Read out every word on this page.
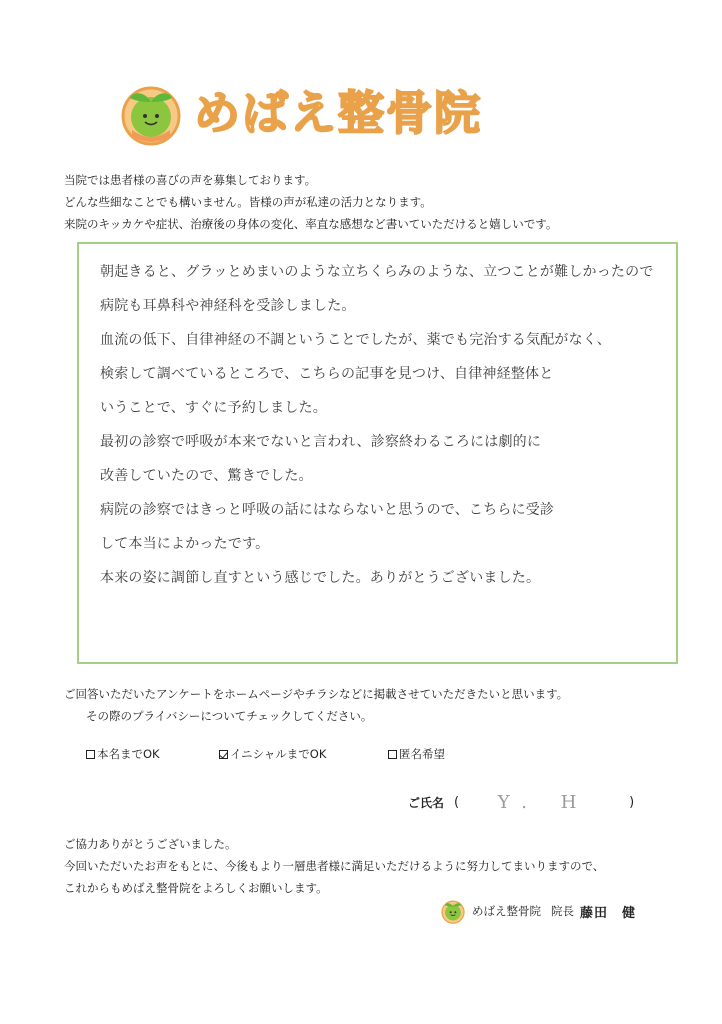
めばえ整骨院
当院では患者様の喜びの声を募集しております。
どんな些細なことでも構いません。皆様の声が私達の活力となります。
来院のキッカケや症状、治療後の身体の変化、率直な感想など書いていただけると嬉しいです。
朝起きると、グラッとめまいのような立ちくらみのような、立つことが難しかったので
病院も耳鼻科や神経科を受診しました。
血流の低下、自律神経の不調ということでしたが、薬でも完治する気配がなく、
検索して調べているところで、こちらの記事を見つけ、自律神経整体と
いうことで、すぐに予約しました。
最初の診察で呼吸が本来でないと言われ、診察終わるころには劇的に
改善していたので、驚きでした。
病院の診察ではきっと呼吸の話にはならないと思うので、こちらに受診
して本当によかったです。
本来の姿に調節し直すという感じでした。ありがとうございました。
ご回答いただいたアンケートをホームページやチラシなどに掲載させていただきたいと思います。
その際のプライバシーについてチェックしてください。
本名までOK	イニシャルまでOK	匿名希望
ご氏名 (	Y. H	)
ご協力ありがとうございました。
今回いただいたお声をもとに、今後もより一層患者様に満足いただけるように努力してまいりますので、
これからもめばえ整骨院をよろしくお願いします。
めばえ整骨院 院長 藤田 健
